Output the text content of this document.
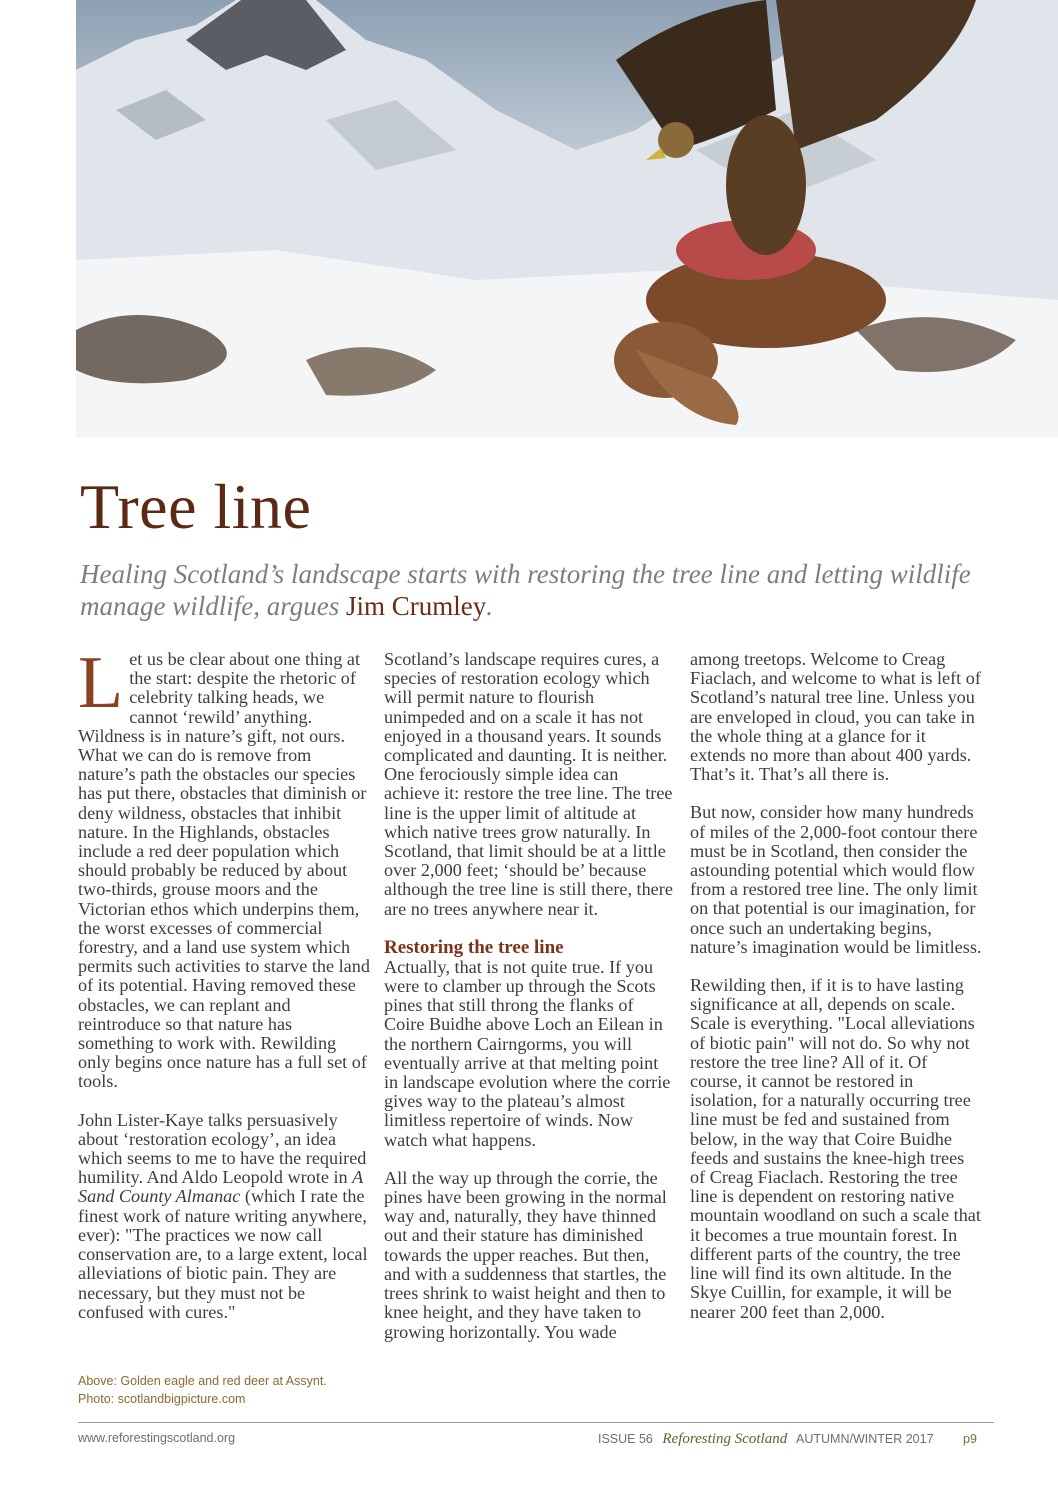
Tree line

Healing Scotland’s landscape starts with restoring the tree line and letting wildlife manage wildlife, argues Jim Crumley.

Let us be clear about one thing at the start: despite the rhetoric of celebrity talking heads, we cannot ‘rewild’ anything. Wildness is in nature’s gift, not ours. What we can do is remove from nature’s path the obstacles our species has put there, obstacles that diminish or deny wildness, obstacles that inhibit nature. In the Highlands, obstacles include a red deer population which should probably be reduced by about two-thirds, grouse moors and the Victorian ethos which underpins them, the worst excesses of commercial forestry, and a land use system which permits such activities to starve the land of its potential. Having removed these obstacles, we can replant and reintroduce so that nature has something to work with. Rewilding only begins once nature has a full set of tools.

John Lister-Kaye talks persuasively about ‘restoration ecology’, an idea which seems to me to have the required humility. And Aldo Leopold wrote in A Sand County Almanac (which I rate the finest work of nature writing anywhere, ever): "The practices we now call conservation are, to a large extent, local alleviations of biotic pain. They are necessary, but they must not be confused with cures."

Above: Golden eagle and red deer at Assynt.
Photo: scotlandbigpicture.com

Scotland’s landscape requires cures, a species of restoration ecology which will permit nature to flourish unimpeded and on a scale it has not enjoyed in a thousand years. It sounds complicated and daunting. It is neither. One ferociously simple idea can achieve it: restore the tree line. The tree line is the upper limit of altitude at which native trees grow naturally. In Scotland, that limit should be at a little over 2,000 feet; ‘should be’ because although the tree line is still there, there are no trees anywhere near it.

Restoring the tree line

Actually, that is not quite true. If you were to clamber up through the Scots pines that still throng the flanks of Coire Buidhe above Loch an Eilean in the northern Cairngorms, you will eventually arrive at that melting point in landscape evolution where the corrie gives way to the plateau’s almost limitless repertoire of winds. Now watch what happens.

All the way up through the corrie, the pines have been growing in the normal way and, naturally, they have thinned out and their stature has diminished towards the upper reaches. But then, and with a suddenness that startles, the trees shrink to waist height and then to knee height, and they have taken to growing horizontally. You wade

among treetops. Welcome to Creag Fiaclach, and welcome to what is left of Scotland’s natural tree line. Unless you are enveloped in cloud, you can take in the whole thing at a glance for it extends no more than about 400 yards. That’s it. That’s all there is.

But now, consider how many hundreds of miles of the 2,000-foot contour there must be in Scotland, then consider the astounding potential which would flow from a restored tree line. The only limit on that potential is our imagination, for once such an undertaking begins, nature’s imagination would be limitless.

Rewilding then, if it is to have lasting significance at all, depends on scale. Scale is everything. "Local alleviations of biotic pain" will not do. So why not restore the tree line? All of it. Of course, it cannot be restored in isolation, for a naturally occurring tree line must be fed and sustained from below, in the way that Coire Buidhe feeds and sustains the knee-high trees of Creag Fiaclach. Restoring the tree line is dependent on restoring native mountain woodland on such a scale that it becomes a true mountain forest. In different parts of the country, the tree line will find its own altitude. In the Skye Cuillin, for example, it will be nearer 200 feet than 2,000.

www.reforestingscotland.org	ISSUE 56 Reforesting Scotland AUTUMN/WINTER 2017 p9
